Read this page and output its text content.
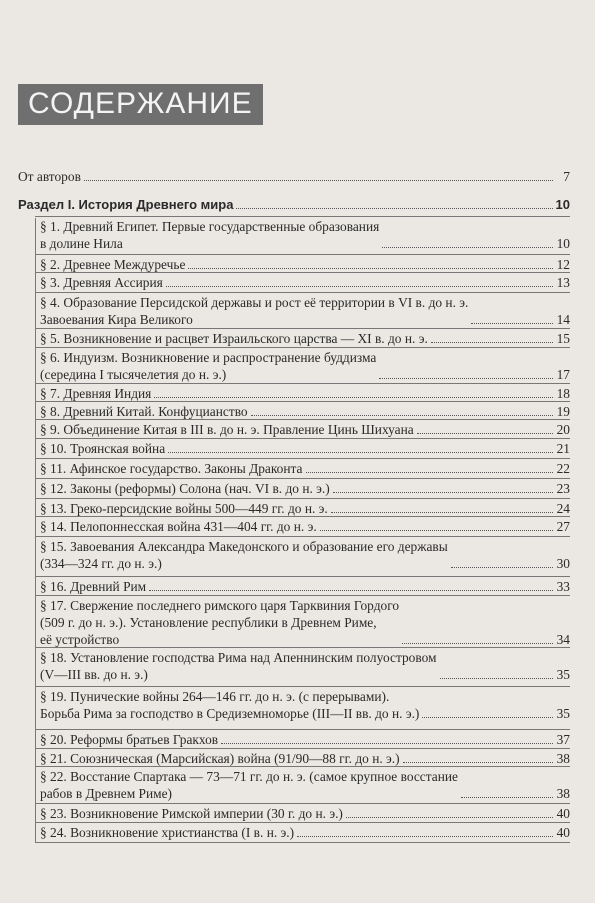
СОДЕРЖАНИЕ
От авторов	7
Раздел I. История Древнего мира	10
§ 1. Древний Египет. Первые государственные образования
в долине Нила	10
§ 2. Древнее Междуречье	12
§ 3. Древняя Ассирия	13
§ 4. Образование Персидской державы и рост её территории в VI в. до н. э.
Завоевания Кира Великого	14
§ 5. Возникновение и расцвет Израильского царства — XI в. до н. э.	15
§ 6. Индуизм. Возникновение и распространение буддизма
(середина I тысячелетия до н. э.)	17
§ 7. Древняя Индия	18
§ 8. Древний Китай. Конфуцианство	19
§ 9. Объединение Китая в III в. до н. э. Правление Цинь Шихуана	20
§ 10. Троянская война	21
§ 11. Афинское государство. Законы Драконта	22
§ 12. Законы (реформы) Солона (нач. VI в. до н. э.)	23
§ 13. Греко-персидские войны 500—449 гг. до н. э.	24
§ 14. Пелопоннесская война 431—404 гг. до н. э.	27
§ 15. Завоевания Александра Македонского и образование его державы
(334—324 гг. до н. э.)	30
§ 16. Древний Рим	33
§ 17. Свержение последнего римского царя Тарквиния Гордого
(509 г. до н. э.). Установление республики в Древнем Риме,
её устройство	34
§ 18. Установление господства Рима над Апеннинским полуостровом
(V—III вв. до н. э.)	35
§ 19. Пунические войны 264—146 гг. до н. э. (с перерывами).
Борьба Рима за господство в Средиземноморье (III—II вв. до н. э.)	35
§ 20. Реформы братьев Гракхов	37
§ 21. Союзническая (Марсийская) война (91/90—88 гг. до н. э.)	38
§ 22. Восстание Спартака — 73—71 гг. до н. э. (самое крупное восстание
рабов в Древнем Риме)	38
§ 23. Возникновение Римской империи (30 г. до н. э.)	40
§ 24. Возникновение христианства (I в. н. э.)	40
